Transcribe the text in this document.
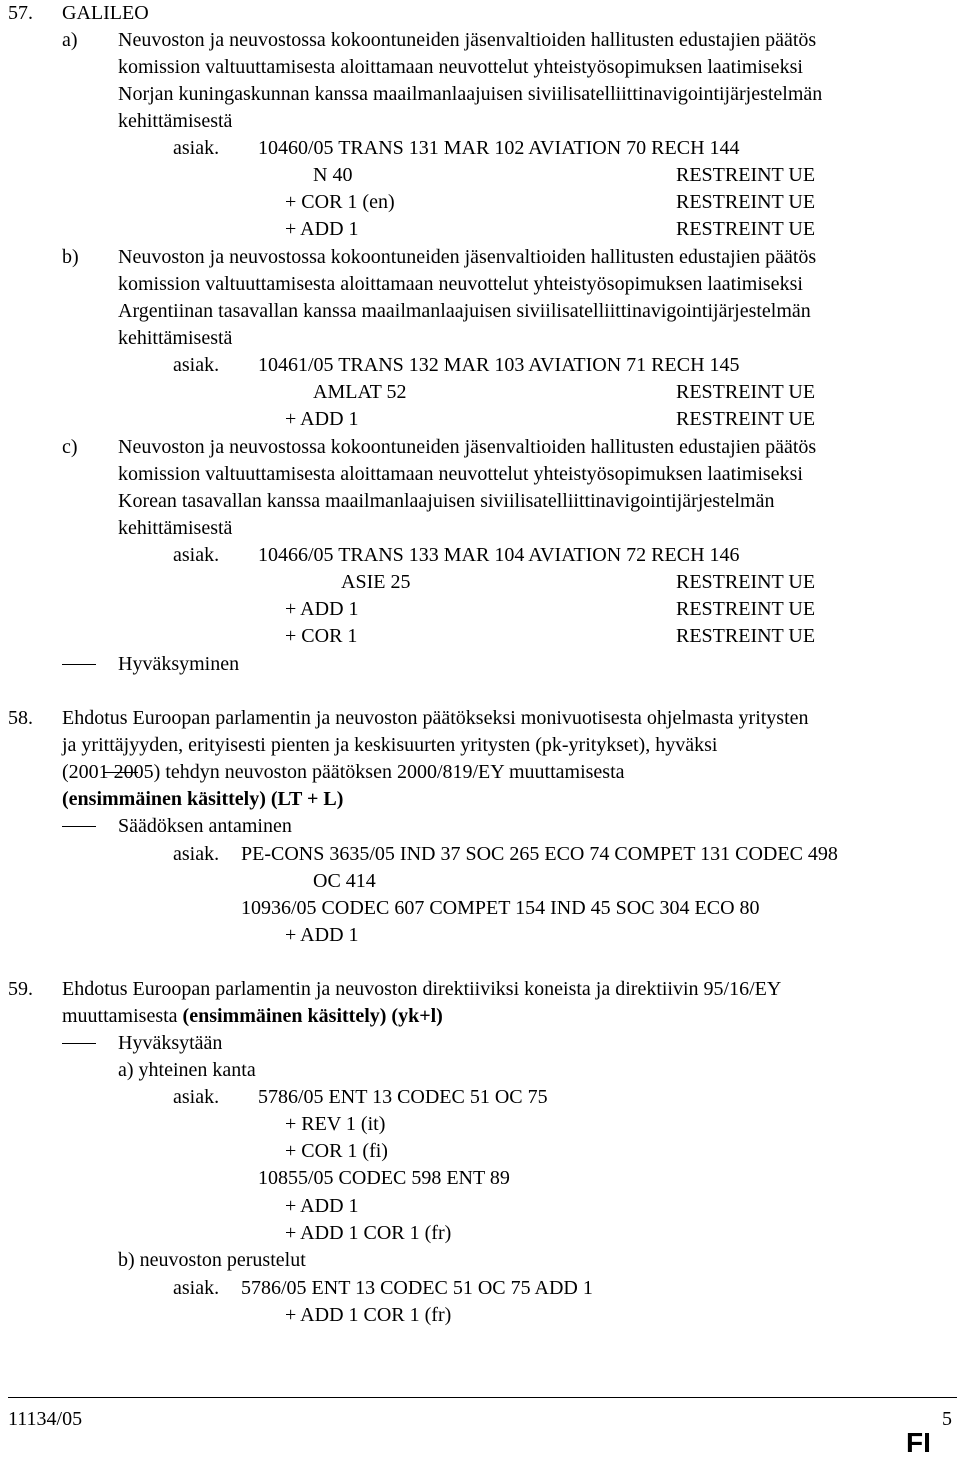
57. GALILEO
a) Neuvoston ja neuvostossa kokoontuneiden jäsenvaltioiden hallitusten edustajien päätös
komission valtuuttamisesta aloittamaan neuvottelut yhteistyösopimuksen laatimiseksi
Norjan kuningaskunnan kanssa maailmanlaajuisen siviilisatelliittinavigointijärjestelmän
kehittämisestä
asiak. 10460/05 TRANS 131 MAR 102 AVIATION 70 RECH 144
N 40	RESTREINT UE
+ COR 1 (en)	RESTREINT UE
+ ADD 1	RESTREINT UE
b) Neuvoston ja neuvostossa kokoontuneiden jäsenvaltioiden hallitusten edustajien päätös
komission valtuuttamisesta aloittamaan neuvottelut yhteistyösopimuksen laatimiseksi
Argentiinan tasavallan kanssa maailmanlaajuisen siviilisatelliittinavigointijärjestelmän
kehittämisestä
asiak. 10461/05 TRANS 132 MAR 103 AVIATION 71 RECH 145
AMLAT 52	RESTREINT UE
+ ADD 1	RESTREINT UE
c) Neuvoston ja neuvostossa kokoontuneiden jäsenvaltioiden hallitusten edustajien päätös
komission valtuuttamisesta aloittamaan neuvottelut yhteistyösopimuksen laatimiseksi
Korean tasavallan kanssa maailmanlaajuisen siviilisatelliittinavigointijärjestelmän
kehittämisestä
asiak. 10466/05 TRANS 133 MAR 104 AVIATION 72 RECH 146
ASIE 25	RESTREINT UE
+ ADD 1	RESTREINT UE
+ COR 1	RESTREINT UE
Hyväksyminen
58. Ehdotus Euroopan parlamentin ja neuvoston päätökseksi monivuotisesta ohjelmasta yritysten
ja yrittäjyyden, erityisesti pienten ja keskisuurten yritysten (pk-yritykset), hyväksi
(2001 2005) tehdyn neuvoston päätöksen 2000/819/EY muuttamisesta
(ensimmäinen käsittely) (LT + L)
Säädöksen antaminen
asiak. PE-CONS 3635/05 IND 37 SOC 265 ECO 74 COMPET 131 CODEC 498
OC 414
10936/05 CODEC 607 COMPET 154 IND 45 SOC 304 ECO 80
+ ADD 1
59. Ehdotus Euroopan parlamentin ja neuvoston direktiiviksi koneista ja direktiivin 95/16/EY
muuttamisesta (ensimmäinen käsittely) (yk+l)
Hyväksytään
a) yhteinen kanta
asiak. 5786/05 ENT 13 CODEC 51 OC 75
+ REV 1 (it)
+ COR 1 (fi)
10855/05 CODEC 598 ENT 89
+ ADD 1
+ ADD 1 COR 1 (fr)
b) neuvoston perustelut
asiak. 5786/05 ENT 13 CODEC 51 OC 75 ADD 1
+ ADD 1 COR 1 (fr)
11134/05	5
FI
